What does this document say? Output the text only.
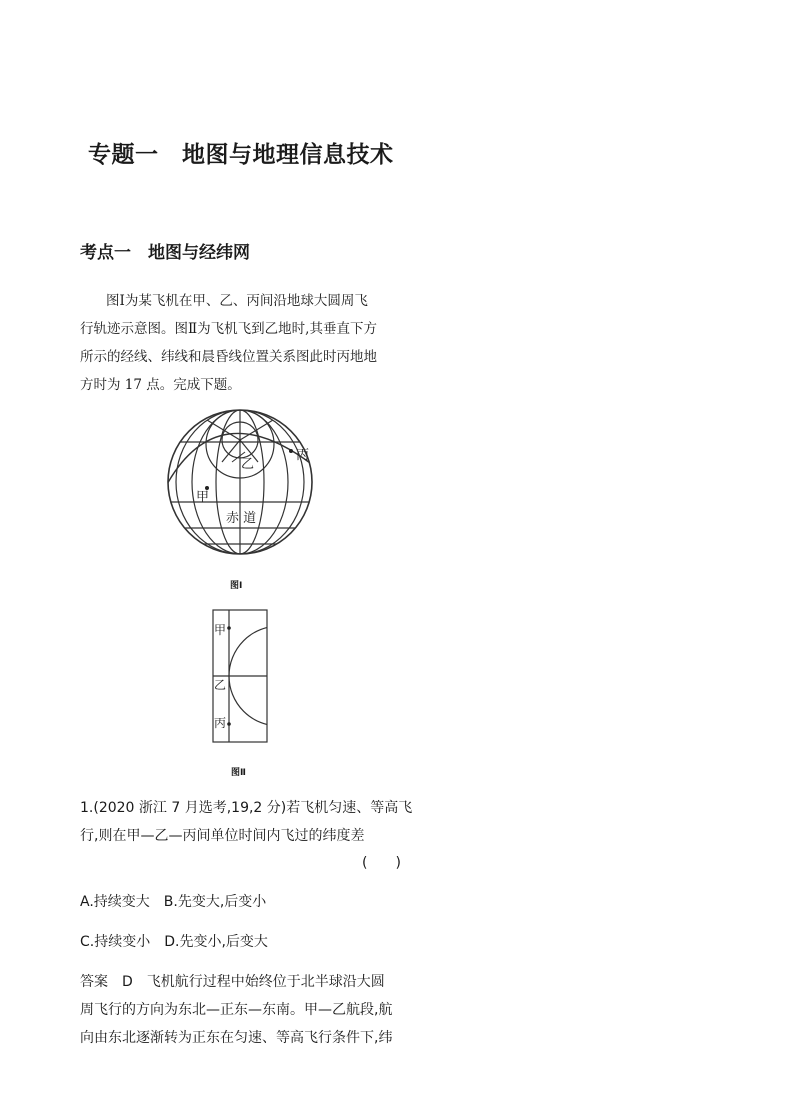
专题一　地图与地理信息技术
考点一　地图与经纬网
图Ⅰ为某飞机在甲、乙、丙间沿地球大圆周飞
行轨迹示意图。图Ⅱ为飞机飞到乙地时,其垂直下方
所示的经线、纬线和晨昏线位置关系图此时丙地地
方时为 17 点。完成下题。
丙
乙
甲
赤 道
图Ⅰ
甲
乙
丙
图Ⅱ
1.(2020 浙江 7 月选考,19,2 分)若飞机匀速、等高飞
行,则在甲—乙—丙间单位时间内飞过的纬度差
(　　)
A.持续变大　B.先变大,后变小
C.持续变小　D.先变小,后变大
答案　D　飞机航行过程中始终位于北半球沿大圆
周飞行的方向为东北—正东—东南。甲—乙航段,航
向由东北逐渐转为正东在匀速、等高飞行条件下,纬
